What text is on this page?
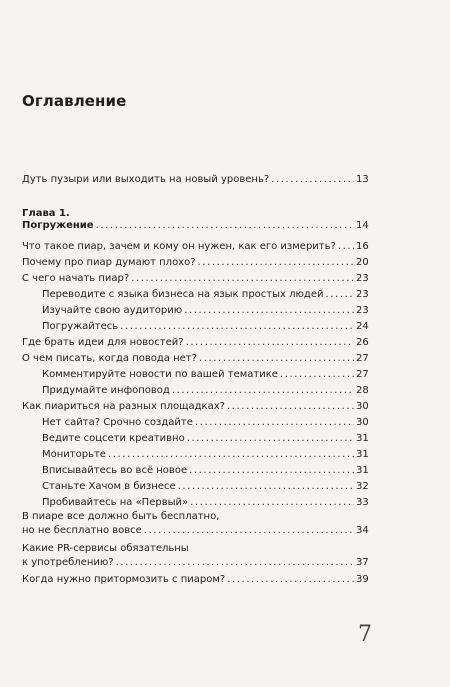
Оглавление
Дуть пузыри или выходить на новый уровень? .....	13
Глава 1.
Погружение .....	14
Что такое пиар, зачем и кому он нужен, как его измерить? ..... 16
Почему про пиар думают плохо? .....	20
С чего начать пиар? .....	23
Переводите с языка бизнеса на язык простых людей .....	23
Изучайте свою аудиторию .....	23
Погружайтесь .....	24
Где брать идеи для новостей? .....	26
О чем писать, когда повода нет? .....	27
Комментируйте новости по вашей тематике .....	27
Придумайте инфоповод .....	28
Как пиариться на разных площадках? .....	30
Нет сайта? Срочно создайте .....	30
Ведите соцсети креативно .....	31
Мониторьте .....	31
Вписывайтесь во всё новое .....	31
Станьте Хачом в бизнесе .....	32
Пробивайтесь на «Первый» .....	33
В пиаре все должно быть бесплатно,
но не бесплатно вовсе .....	34
Какие PR-сервисы обязательны
к употреблению? .....	37
Когда нужно притормозить с пиаром? .....	39
7
